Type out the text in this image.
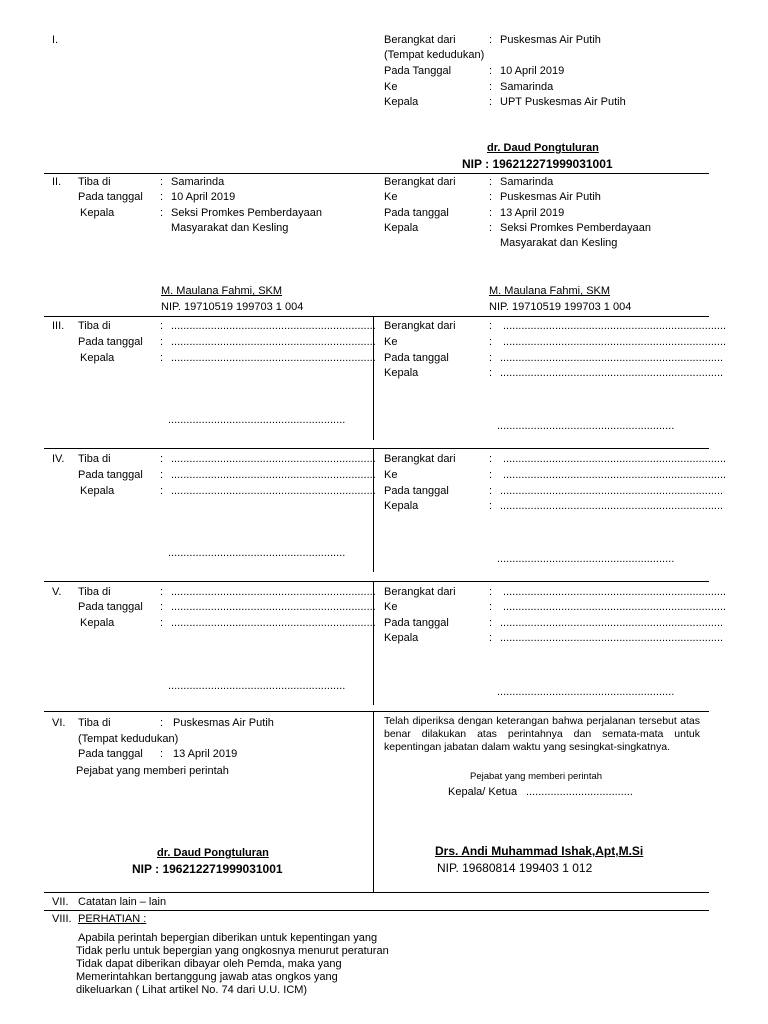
I.	Berangkat dari	: Puskesmas Air Putih
(Tempat kedudukan)
Pada Tanggal	: 10 April 2019
Ke	: Samarinda
Kepala	: UPT Puskesmas Air Putih
dr. Daud Pongtuluran
NIP : 196212271999031001
II. Tiba di	: Samarinda
Pada tanggal : 10 April 2019
Kepala	: Seksi Promkes Pemberdayaan
Masyarakat dan Kesling
Berangkat dari	: Samarinda
Ke	: Puskesmas Air Putih
Pada tanggal	: 13 April 2019
Kepala	: Seksi Promkes Pemberdayaan
Masyarakat dan Kesling
M. Maulana Fahmi, SKM
NIP. 19710519 199703 1 004
M. Maulana Fahmi, SKM
NIP. 19710519 199703 1 004
III. Tiba di	: ...................................................................
Pada tanggal : ...................................................................
Kepala	: ...................................................................
Berangkat dari	: .........................................................................
Ke	: .........................................................................
Pada tanggal	: .........................................................................
Kepala	: .........................................................................
..........................................................	..........................................................
IV. Tiba di	: ...................................................................
Pada tanggal : ...................................................................
Kepala	: ...................................................................
Berangkat dari	: .........................................................................
Ke	: .........................................................................
Pada tanggal	: .........................................................................
Kepala	: .........................................................................
..........................................................	..........................................................
V. Tiba di	: ...................................................................
Pada tanggal : ...................................................................
Kepala	: ...................................................................
Berangkat dari	: .........................................................................
Ke	: .........................................................................
Pada tanggal	: .........................................................................
Kepala	: .........................................................................
..........................................................	..........................................................
VI. Tiba di	: Puskesmas Air Putih
(Tempat kedudukan)
Pada tanggal : 13 April 2019
Pejabat yang memberi perintah
Telah diperiksa dengan keterangan bahwa perjalanan tersebut atas benar dilakukan atas perintahnya dan semata-mata untuk kepentingan jabatan dalam waktu yang sesingkat-singkatnya.
Pejabat yang memberi perintah
Kepala/ Ketua ...................................
dr. Daud Pongtuluran
NIP : 196212271999031001
Drs. Andi Muhammad Ishak,Apt,M.Si
NIP. 19680814 199403 1 012
VII. Catatan lain – lain
VIII. PERHATIAN :
Apabila perintah bepergian diberikan untuk kepentingan yang
Tidak perlu untuk bepergian yang ongkosnya menurut peraturan
Tidak dapat diberikan dibayar oleh Pemda, maka yang
Memerintahkan bertanggung jawab atas ongkos yang
dikeluarkan ( Lihat artikel No. 74 dari U.U. ICM)
